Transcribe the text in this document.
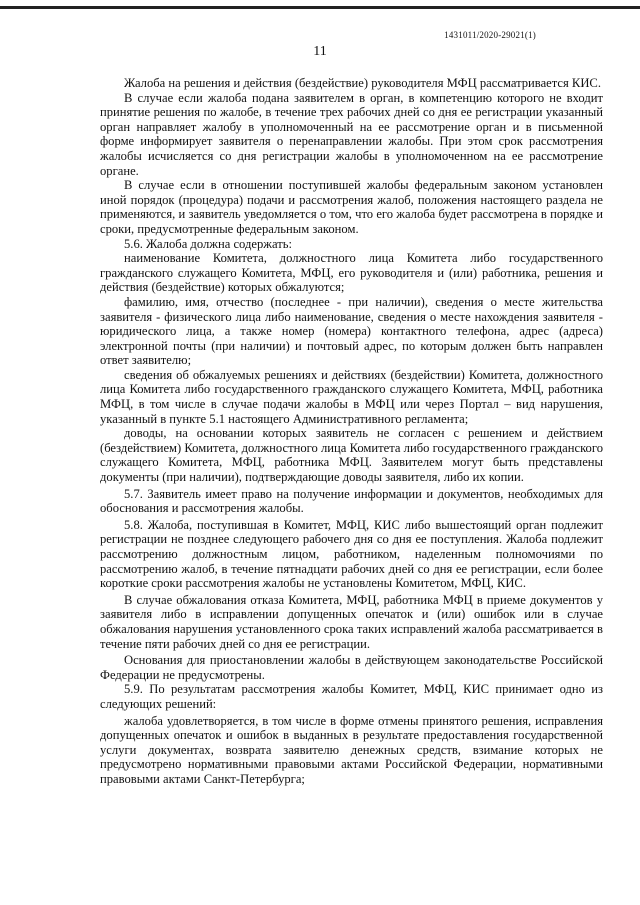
1431011/2020-29021(1)
11

Жалоба на решения и действия (бездействие) руководителя МФЦ рассматривается КИС.

В случае если жалоба подана заявителем в орган, в компетенцию которого не входит принятие решения по жалобе, в течение трех рабочих дней со дня ее регистрации указанный орган направляет жалобу в уполномоченный на ее рассмотрение орган и в письменной форме информирует заявителя о перенаправлении жалобы. При этом срок рассмотрения жалобы исчисляется со дня регистрации жалобы в уполномоченном на ее рассмотрение органе.

В случае если в отношении поступившей жалобы федеральным законом установлен иной порядок (процедура) подачи и рассмотрения жалоб, положения настоящего раздела не применяются, и заявитель уведомляется о том, что его жалоба будет рассмотрена в порядке и сроки, предусмотренные федеральным законом.

5.6. Жалоба должна содержать:

наименование Комитета, должностного лица Комитета либо государственного гражданского служащего Комитета, МФЦ, его руководителя и (или) работника, решения и действия (бездействие) которых обжалуются;

фамилию, имя, отчество (последнее - при наличии), сведения о месте жительства заявителя - физического лица либо наименование, сведения о месте нахождения заявителя - юридического лица, а также номер (номера) контактного телефона, адрес (адреса) электронной почты (при наличии) и почтовый адрес, по которым должен быть направлен ответ заявителю;

сведения об обжалуемых решениях и действиях (бездействии) Комитета, должностного лица Комитета либо государственного гражданского служащего Комитета, МФЦ, работника МФЦ, в том числе в случае подачи жалобы в МФЦ или через Портал – вид нарушения, указанный в пункте 5.1 настоящего Административного регламента;

доводы, на основании которых заявитель не согласен с решением и действием (бездействием) Комитета, должностного лица Комитета либо государственного гражданского служащего Комитета, МФЦ, работника МФЦ. Заявителем могут быть представлены документы (при наличии), подтверждающие доводы заявителя, либо их копии.

5.7. Заявитель имеет право на получение информации и документов, необходимых для обоснования и рассмотрения жалобы.

5.8. Жалоба, поступившая в Комитет, МФЦ, КИС либо вышестоящий орган подлежит регистрации не позднее следующего рабочего дня со дня ее поступления. Жалоба подлежит рассмотрению должностным лицом, работником, наделенным полномочиями по рассмотрению жалоб, в течение пятнадцати рабочих дней со дня ее регистрации, если более короткие сроки рассмотрения жалобы не установлены Комитетом, МФЦ, КИС.

В случае обжалования отказа Комитета, МФЦ, работника МФЦ в приеме документов у заявителя либо в исправлении допущенных опечаток и (или) ошибок или в случае обжалования нарушения установленного срока таких исправлений жалоба рассматривается в течение пяти рабочих дней со дня ее регистрации.

Основания для приостановлении жалобы в действующем законодательстве Российской Федерации не предусмотрены.

5.9. По результатам рассмотрения жалобы Комитет, МФЦ, КИС принимает одно из следующих решений:

жалоба удовлетворяется, в том числе в форме отмены принятого решения, исправления допущенных опечаток и ошибок в выданных в результате предоставления государственной услуги документах, возврата заявителю денежных средств, взимание которых не предусмотрено нормативными правовыми актами Российской Федерации, нормативными правовыми актами Санкт-Петербурга;
